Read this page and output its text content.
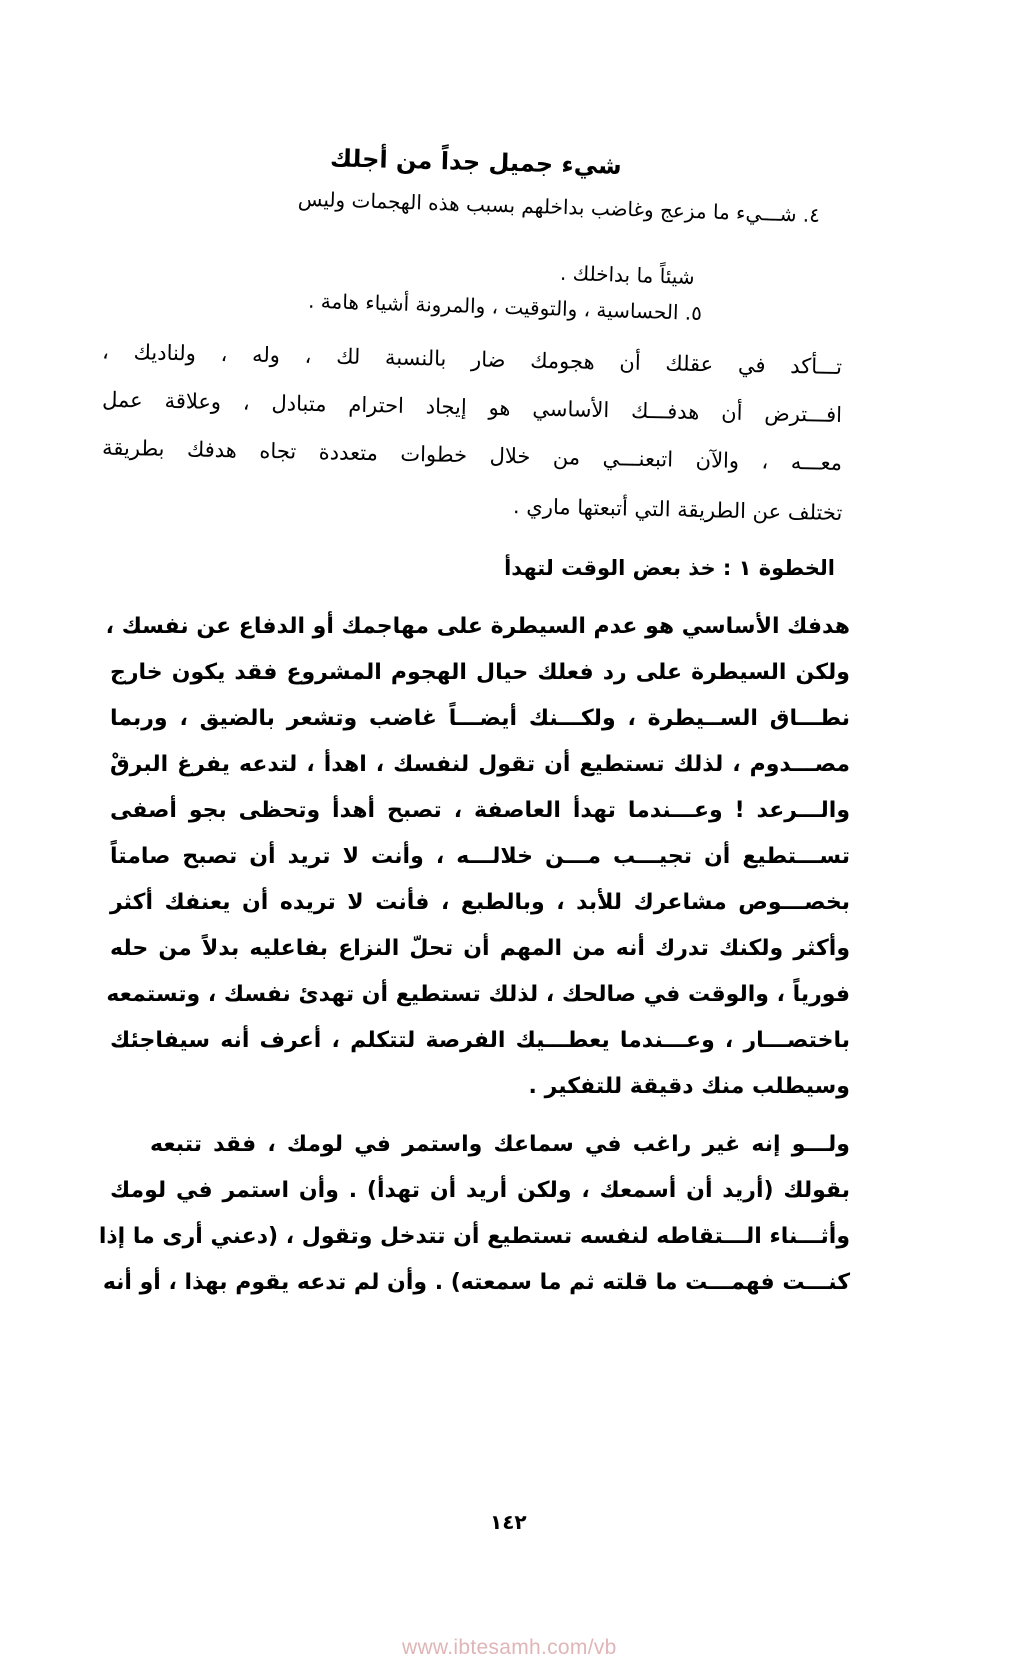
شيء جميل جداً من أجلك
٤. شـــيء ما مزعج وغاضب بداخلهم بسبب هذه الهجمات وليس
شيئاً ما بداخلك .
٥. الحساسية ، والتوقيت ، والمرونة أشياء هامة .
تـــأكد في عقلك أن هجومك ضار بالنسبة لك ، وله ، ولناديك ،
افـــترض أن هدفـــك الأساسي هو إيجاد احترام متبادل ، وعلاقة عمل
معـــه ، والآن اتبعنـــي من خلال خطوات متعددة تجاه هدفك بطريقة
تختلف عن الطريقة التي أتبعتها ماري .
الخطوة ١ : خذ بعض الوقت لتهدأ
هدفك الأساسي هو عدم السيطرة على مهاجمك أو الدفاع عن نفسك ،
ولكن السيطرة على رد فعلك حيال الهجوم المشروع فقد يكون خارج
نطـــاق الســيطرة ، ولكـــنك أيضـــاً غاضب وتشعر بالضيق ، وربما
مصـــدوم ، لذلك تستطيع أن تقول لنفسك ، اهدأ ، لتدعه يفرغ البرقْ
والـــرعد ! وعـــندما تهدأ العاصفة ، تصبح أهدأ وتحظى بجو أصفى
تســـتطيع أن تجيـــب مـــن خلالـــه ، وأنت لا تريد أن تصبح صامتاً
بخصـــوص مشاعرك للأبد ، وبالطبع ، فأنت لا تريده أن يعنفك أكثر
وأكثر ولكنك تدرك أنه من المهم أن تحلّ النزاع بفاعليه بدلاً من حله
فورياً ، والوقت في صالحك ، لذلك تستطيع أن تهدئ نفسك ، وتستمعه
باختصـــار ، وعـــندما يعطـــيك الفرصة لتتكلم ، أعرف أنه سيفاجئك
وسيطلب منك دقيقة للتفكير .
ولـــو إنه غير راغب في سماعك واستمر في لومك ، فقد تتبعه
بقولك (أريد أن أسمعك ، ولكن أريد أن تهدأ) . وأن استمر في لومك
وأثـــناء الـــتقاطه لنفسه تستطيع أن تتدخل وتقول ، (دعني أرى ما إذا
كنـــت فهمـــت ما قلته ثم ما سمعته) . وأن لم تدعه يقوم بهذا ، أو أنه
١٤٢
www.ibtesamh.com/vb
